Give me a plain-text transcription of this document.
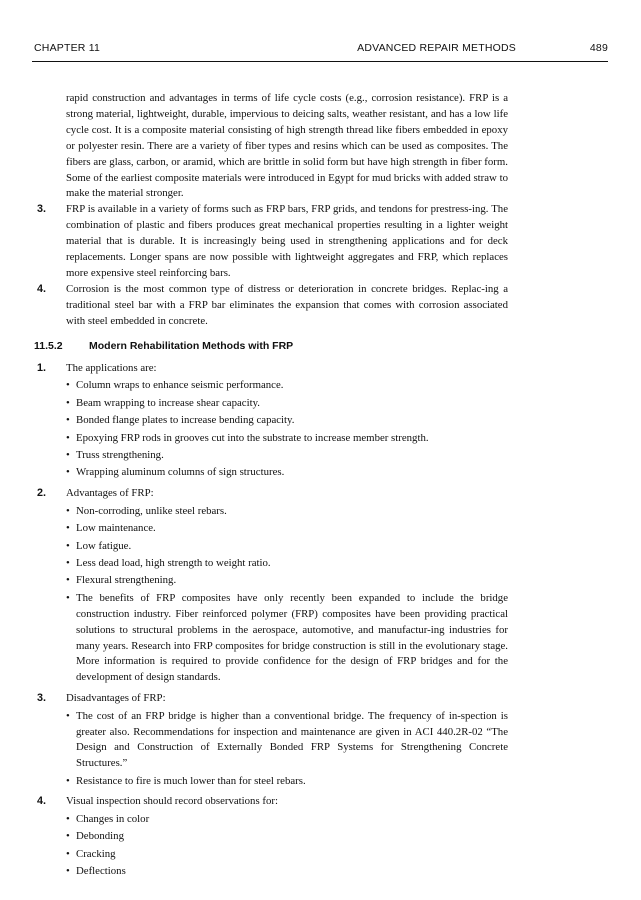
CHAPTER 11	ADVANCED REPAIR METHODS	489

rapid construction and advantages in terms of life cycle costs (e.g., corrosion resistance). FRP is a strong material, lightweight, durable, impervious to deicing salts, weather resistant, and has a low life cycle cost. It is a composite material consisting of high strength thread like fibers embedded in epoxy or polyester resin. There are a variety of fiber types and resins which can be used as composites. The fibers are glass, carbon, or aramid, which are brittle in solid form but have high strength in fiber form. Some of the earliest composite materials were introduced in Egypt for mud bricks with added straw to make the material stronger.

3. FRP is available in a variety of forms such as FRP bars, FRP grids, and tendons for prestress-ing. The combination of plastic and fibers produces great mechanical properties resulting in a lighter weight material that is durable. It is increasingly being used in strengthening applications and for deck replacements. Longer spans are now possible with lightweight aggregates and FRP, which replaces more expensive steel reinforcing bars.
4. Corrosion is the most common type of distress or deterioration in concrete bridges. Replac-ing a traditional steel bar with a FRP bar eliminates the expansion that comes with corrosion associated with steel embedded in concrete.
11.5.2	Modern Rehabilitation Methods with FRP
1. The applications are:
• Column wraps to enhance seismic performance.
• Beam wrapping to increase shear capacity.
• Bonded flange plates to increase bending capacity.
• Epoxying FRP rods in grooves cut into the substrate to increase member strength.
• Truss strengthening.
• Wrapping aluminum columns of sign structures.
2. Advantages of FRP:
• Non-corroding, unlike steel rebars.
• Low maintenance.
• Low fatigue.
• Less dead load, high strength to weight ratio.
• Flexural strengthening.
• The benefits of FRP composites have only recently been expanded to include the bridge construction industry. Fiber reinforced polymer (FRP) composites have been providing practical solutions to structural problems in the aerospace, automotive, and manufactur-ing industries for many years. Research into FRP composites for bridge construction is still in the evolutionary stage. More information is required to provide confidence for the design of FRP bridges and for the development of design standards.
3. Disadvantages of FRP:
• The cost of an FRP bridge is higher than a conventional bridge. The frequency of in-spection is greater also. Recommendations for inspection and maintenance are given in ACI 440.2R-02 “The Design and Construction of Externally Bonded FRP Systems for Strengthening Concrete Structures.”
• Resistance to fire is much lower than for steel rebars.
4. Visual inspection should record observations for:
• Changes in color
• Debonding
• Cracking
• Deflections
